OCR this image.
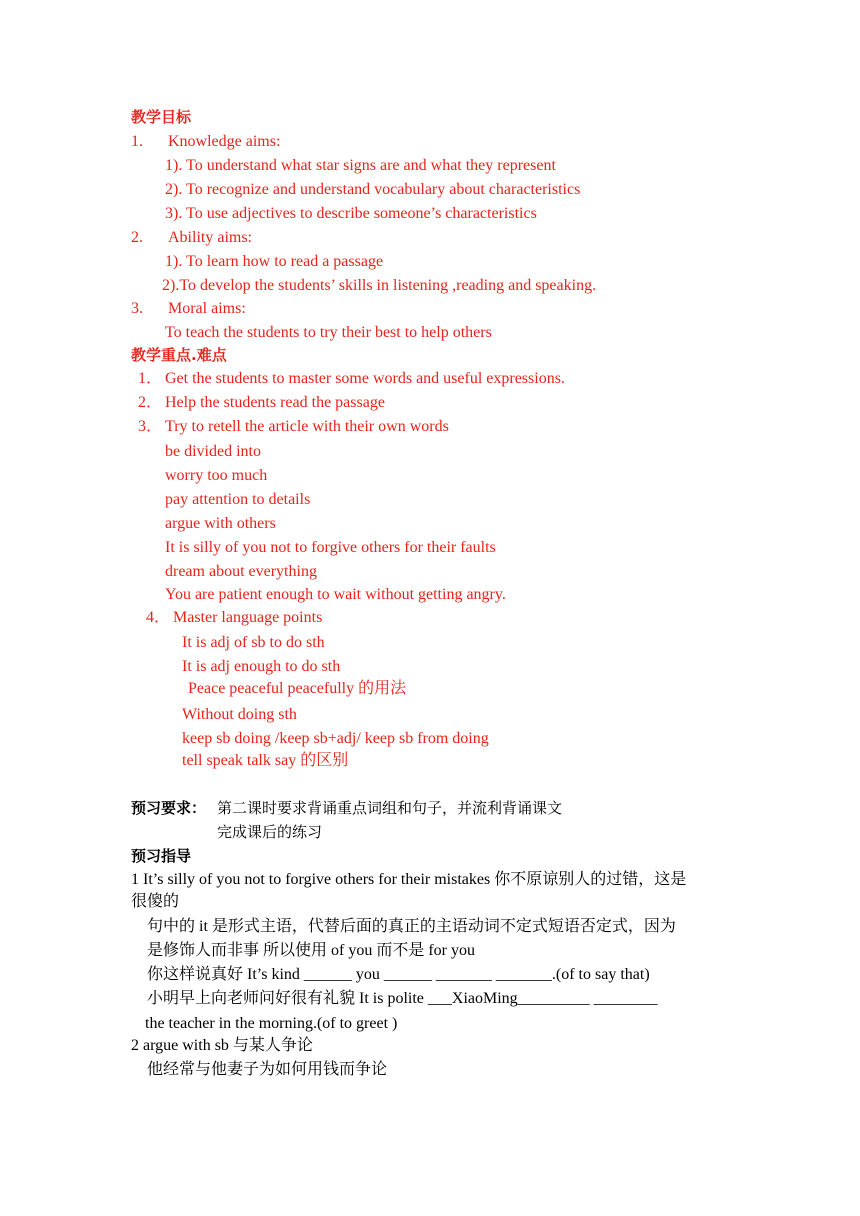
教学目标
1. Knowledge aims:
1). To understand what star signs are and what they represent
2). To recognize and understand vocabulary about characteristics
3). To use adjectives to describe someone’s characteristics
2. Ability aims:
1). To learn how to read a passage
2).To develop the students’ skills in listening ,reading and speaking.
3. Moral aims:
To teach the students to try their best to help others
教学重点.难点
1． Get the students to master some words and useful expressions.
2． Help the students read the passage
3． Try to retell the article with their own words
be divided into
worry too much
pay attention to details
argue with others
It is silly of you not to forgive others for their faults
dream about everything
You are patient enough to wait without getting angry.
4． Master language points
It is adj of sb to do sth
It is adj enough to do sth
Peace peaceful peacefully 的用法
Without doing sth
keep sb doing /keep sb+adj/ keep sb from doing
tell speak talk say 的区别
预习要求： 第二课时要求背诵重点词组和句子，并流利背诵课文
完成课后的练习
预习指导
1 It’s silly of you not to forgive others for their mistakes 你不原谅别人的过错，这是
很傻的
句中的 it 是形式主语，代替后面的真正的主语动词不定式短语否定式，因为
是修饰人而非事 所以使用 of you 而不是 for you
你这样说真好 It’s kind ______ you ______ _______ _______.(of to say that)
小明早上向老师问好很有礼貌 It is polite ___XiaoMing_________ ________
the teacher in the morning.(of to greet )
2 argue with sb 与某人争论
他经常与他妻子为如何用钱而争论
